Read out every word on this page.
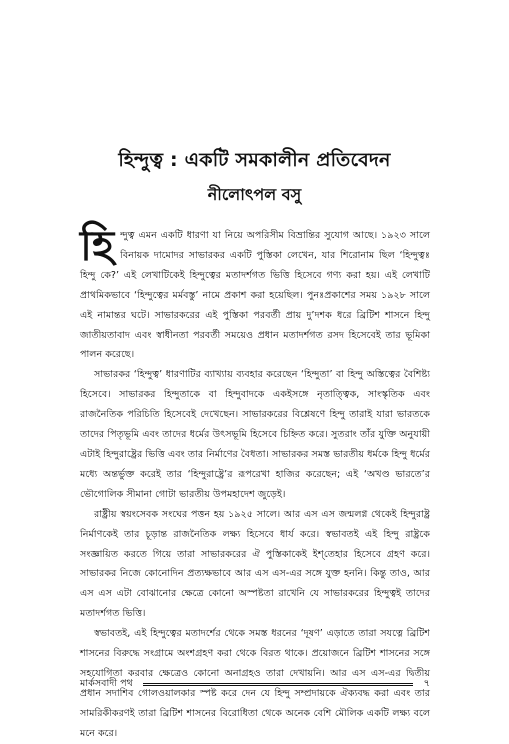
হিন্দুত্ব : একটি সমকালীন প্রতিবেদন
নীলোৎপল বসু

হিন্দুত্ব এমন একটি ধারণা যা নিয়ে অপরিসীম বিভ্রান্তির সুযোগ আছে। ১৯২৩ সালে বিনায়ক দামোদর সাভারকর একটি পুস্তিকা লেখেন, যার শিরোনাম ছিল ‘হিন্দুত্বঃ হিন্দু কে?’ এই লেখাটিকেই হিন্দুত্বের মতাদর্শগত ভিত্তি হিসেবে গণ্য করা হয়। এই লেখাটি প্রাথমিকভাবে ‘হিন্দুত্বের মর্মবস্তু’ নামে প্রকাশ করা হয়েছিল। পুনঃপ্রকাশের সময় ১৯২৮ সালে এই নামান্তর ঘটে। সাভারকরের এই পুস্তিকা পরবর্তী প্রায় দু’দশক ধরে ব্রিটিশ শাসনে হিন্দু জাতীয়তাবাদ এবং স্বাধীনতা পরবর্তী সময়েও প্রধান মতাদর্শগত রসদ হিসেবেই তার ভূমিকা পালন করেছে।

সাভারকর ‘হিন্দুত্ব’ ধারণাটির ব্যাখ্যায় ব্যবহার করেছেন ‘হিন্দুতা’ বা হিন্দু অস্তিত্বের বৈশিষ্ট্য হিসেবে। সাভারকর হিন্দুতাকে বা হিন্দুবাদকে একইসঙ্গে নৃতাত্ত্বিক, সাংস্কৃতিক এবং রাজনৈতিক পরিচিতি হিসেবেই দেখেছেন। সাভারকরের বিশ্লেষণে হিন্দু তারাই যারা ভারতকে তাদের পিতৃভূমি এবং তাদের ধর্মের উৎসভূমি হিসেবে চিহ্নিত করে। সুতরাং তাঁর যুক্তি অনুযায়ী এটাই হিন্দুরাষ্ট্রের ভিত্তি এবং তার নির্মাণের বৈধতা। সাভারকর সমস্ত ভারতীয় ধর্মকে হিন্দু ধর্মের মধ্যে অন্তর্ভুক্ত করেই তার ‘হিন্দুরাষ্ট্রে’র রূপরেখা হাজির করেছেন; এই ‘অখণ্ড ভারতে’র ভৌগোলিক সীমানা গোটা ভারতীয় উপমহাদেশ জুড়েই।

রাষ্ট্রীয় স্বয়ংসেবক সংঘের পত্তন হয় ১৯২৫ সালে। আর এস এস জন্মলগ্ন থেকেই হিন্দুরাষ্ট্র নির্মাণকেই তার চূড়ান্ত রাজনৈতিক লক্ষ্য হিসেবে ধার্য করে। স্বভাবতই এই হিন্দু রাষ্ট্রকে সংজ্ঞায়িত করতে গিয়ে তারা সাভারকরের ঐ পুস্তিকাকেই ইশ্‌তেহার হিসেবে গ্রহণ করে। সাভারকর নিজে কোনোদিন প্রত্যক্ষভাবে আর এস এস-এর সঙ্গে যুক্ত হননি। কিন্তু তাও, আর এস এস এটা বোঝানোর ক্ষেত্রে কোনো অস্পষ্টতা রাখেনি যে সাভারকরের হিন্দুত্বই তাদের মতাদর্শগত ভিত্তি।

স্বভাবতই, এই হিন্দুত্বের মতাদর্শের থেকে সমস্ত ধরনের ‘দূষণ’ এড়াতে তারা সযত্নে ব্রিটিশ শাসনের বিরুদ্ধে সংগ্রামে অংশগ্রহণ করা থেকে বিরত থাকে। প্রয়োজনে ব্রিটিশ শাসনের সঙ্গে সহযোগিতা করবার ক্ষেত্রেও কোনো অনাগ্রহও তারা দেখায়নি। আর এস এস-এর দ্বিতীয় প্রধান সদাশিব গোলওয়ালকার স্পষ্ট করে দেন যে হিন্দু সম্প্রদায়কে ঐক্যবদ্ধ করা এবং তার সামরিকীকরণই তারা ব্রিটিশ শাসনের বিরোধিতা থেকে অনেক বেশি মৌলিক একটি লক্ষ্য বলে মনে করে।

মার্কসবাদী পথ	৭
